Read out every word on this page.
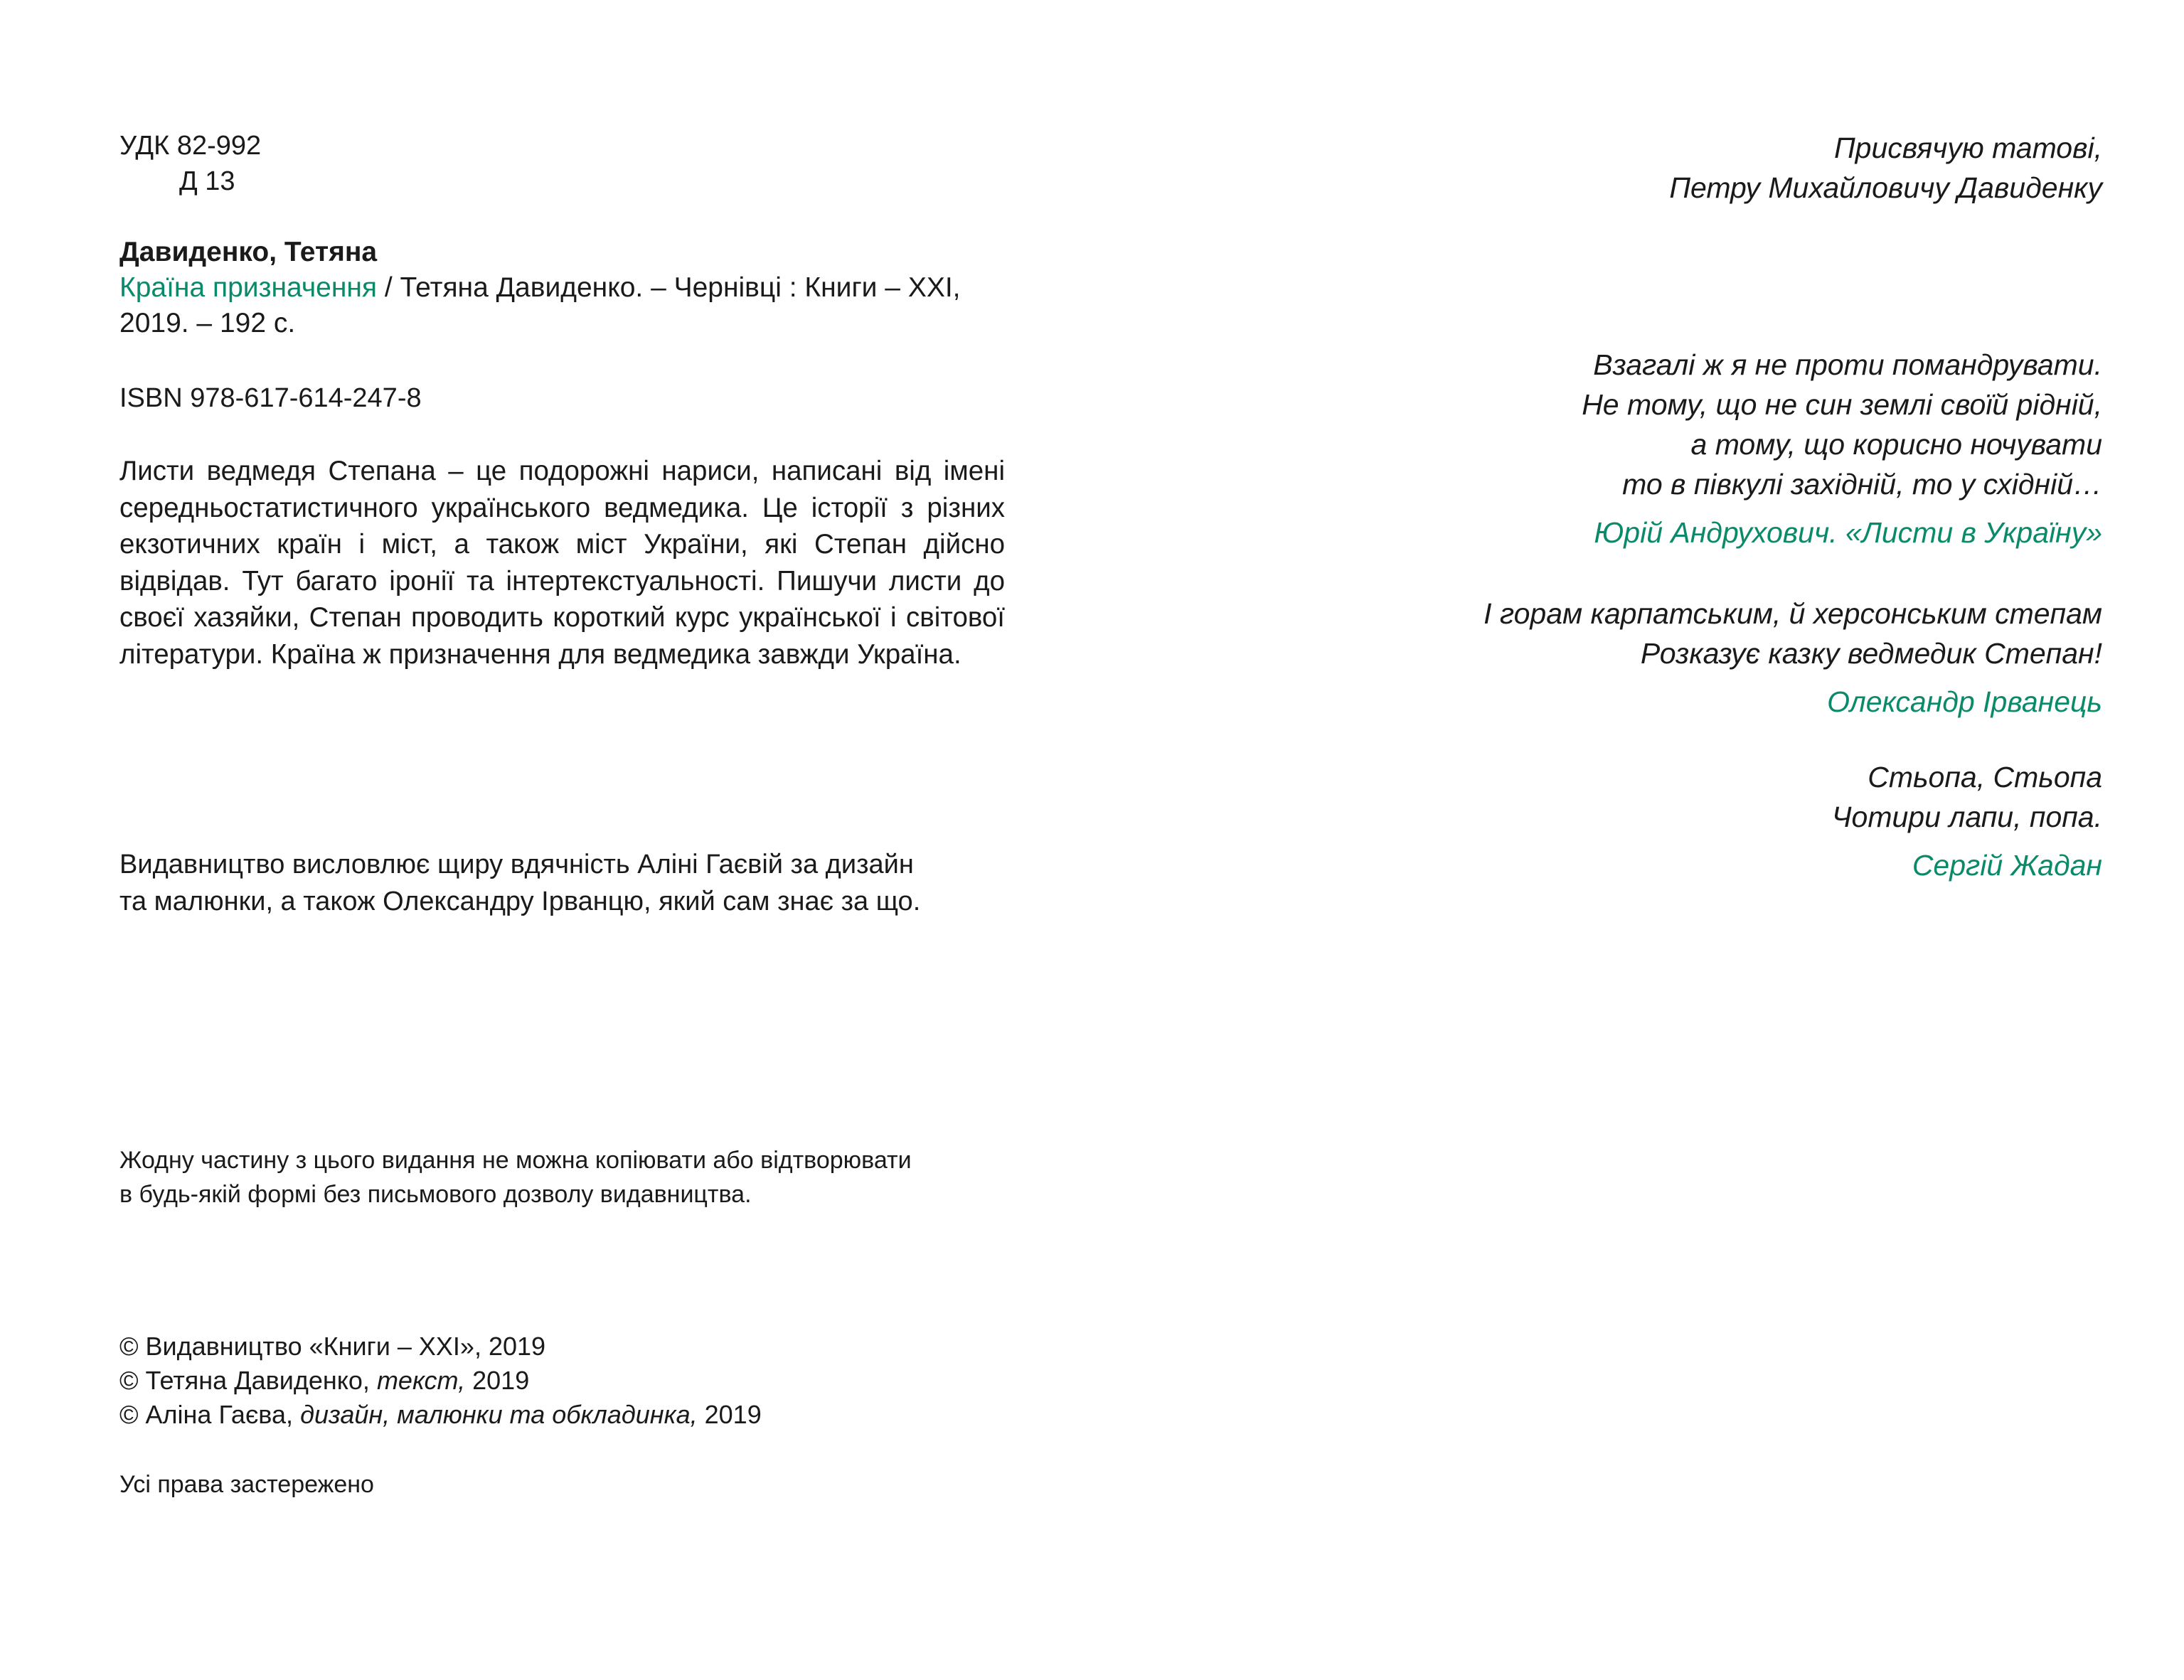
УДК 82-992
Д 13
Давиденко, Тетяна
Країна призначення / Тетяна Давиденко. – Чернівці : Книги – ХХІ, 2019. – 192 с.
ISBN 978-617-614-247-8
Листи ведмедя Степана – це подорожні нариси, написані від імені середньостатистичного українського ведмедика. Це історії з різних екзотичних країн і міст, а також міст України, які Степан дійсно відвідав. Тут багато іронії та інтертекстуальності. Пишучи листи до своєї хазяйки, Степан проводить короткий курс української і світової літератури. Країна ж призначення для ведмедика завжди Україна.
Видавництво висловлює щиру вдячність Аліні Гаєвій за дизайн
та малюнки, а також Олександру Ірванцю, який сам знає за що.
Жодну частину з цього видання не можна копіювати або відтворювати
в будь-якій формі без письмового дозволу видавництва.
© Видавництво «Книги – ХХІ», 2019
© Тетяна Давиденко, текст, 2019
© Аліна Гаєва, дизайн, малюнки та обкладинка, 2019
Усі права застережено
Присвячую татові,
Петру Михайловичу Давиденку
Взагалі ж я не проти помандрувати.
Не тому, що не син землі своїй рідній,
а тому, що корисно ночувати
то в півкулі західній, то у східній…
Юрій Андрухович. «Листи в Україну»
І горам карпатським, й херсонським степам
Розказує казку ведмедик Степан!
Олександр Ірванець
Стьопа, Стьопа
Чотири лапи, попа.
Сергій Жадан
